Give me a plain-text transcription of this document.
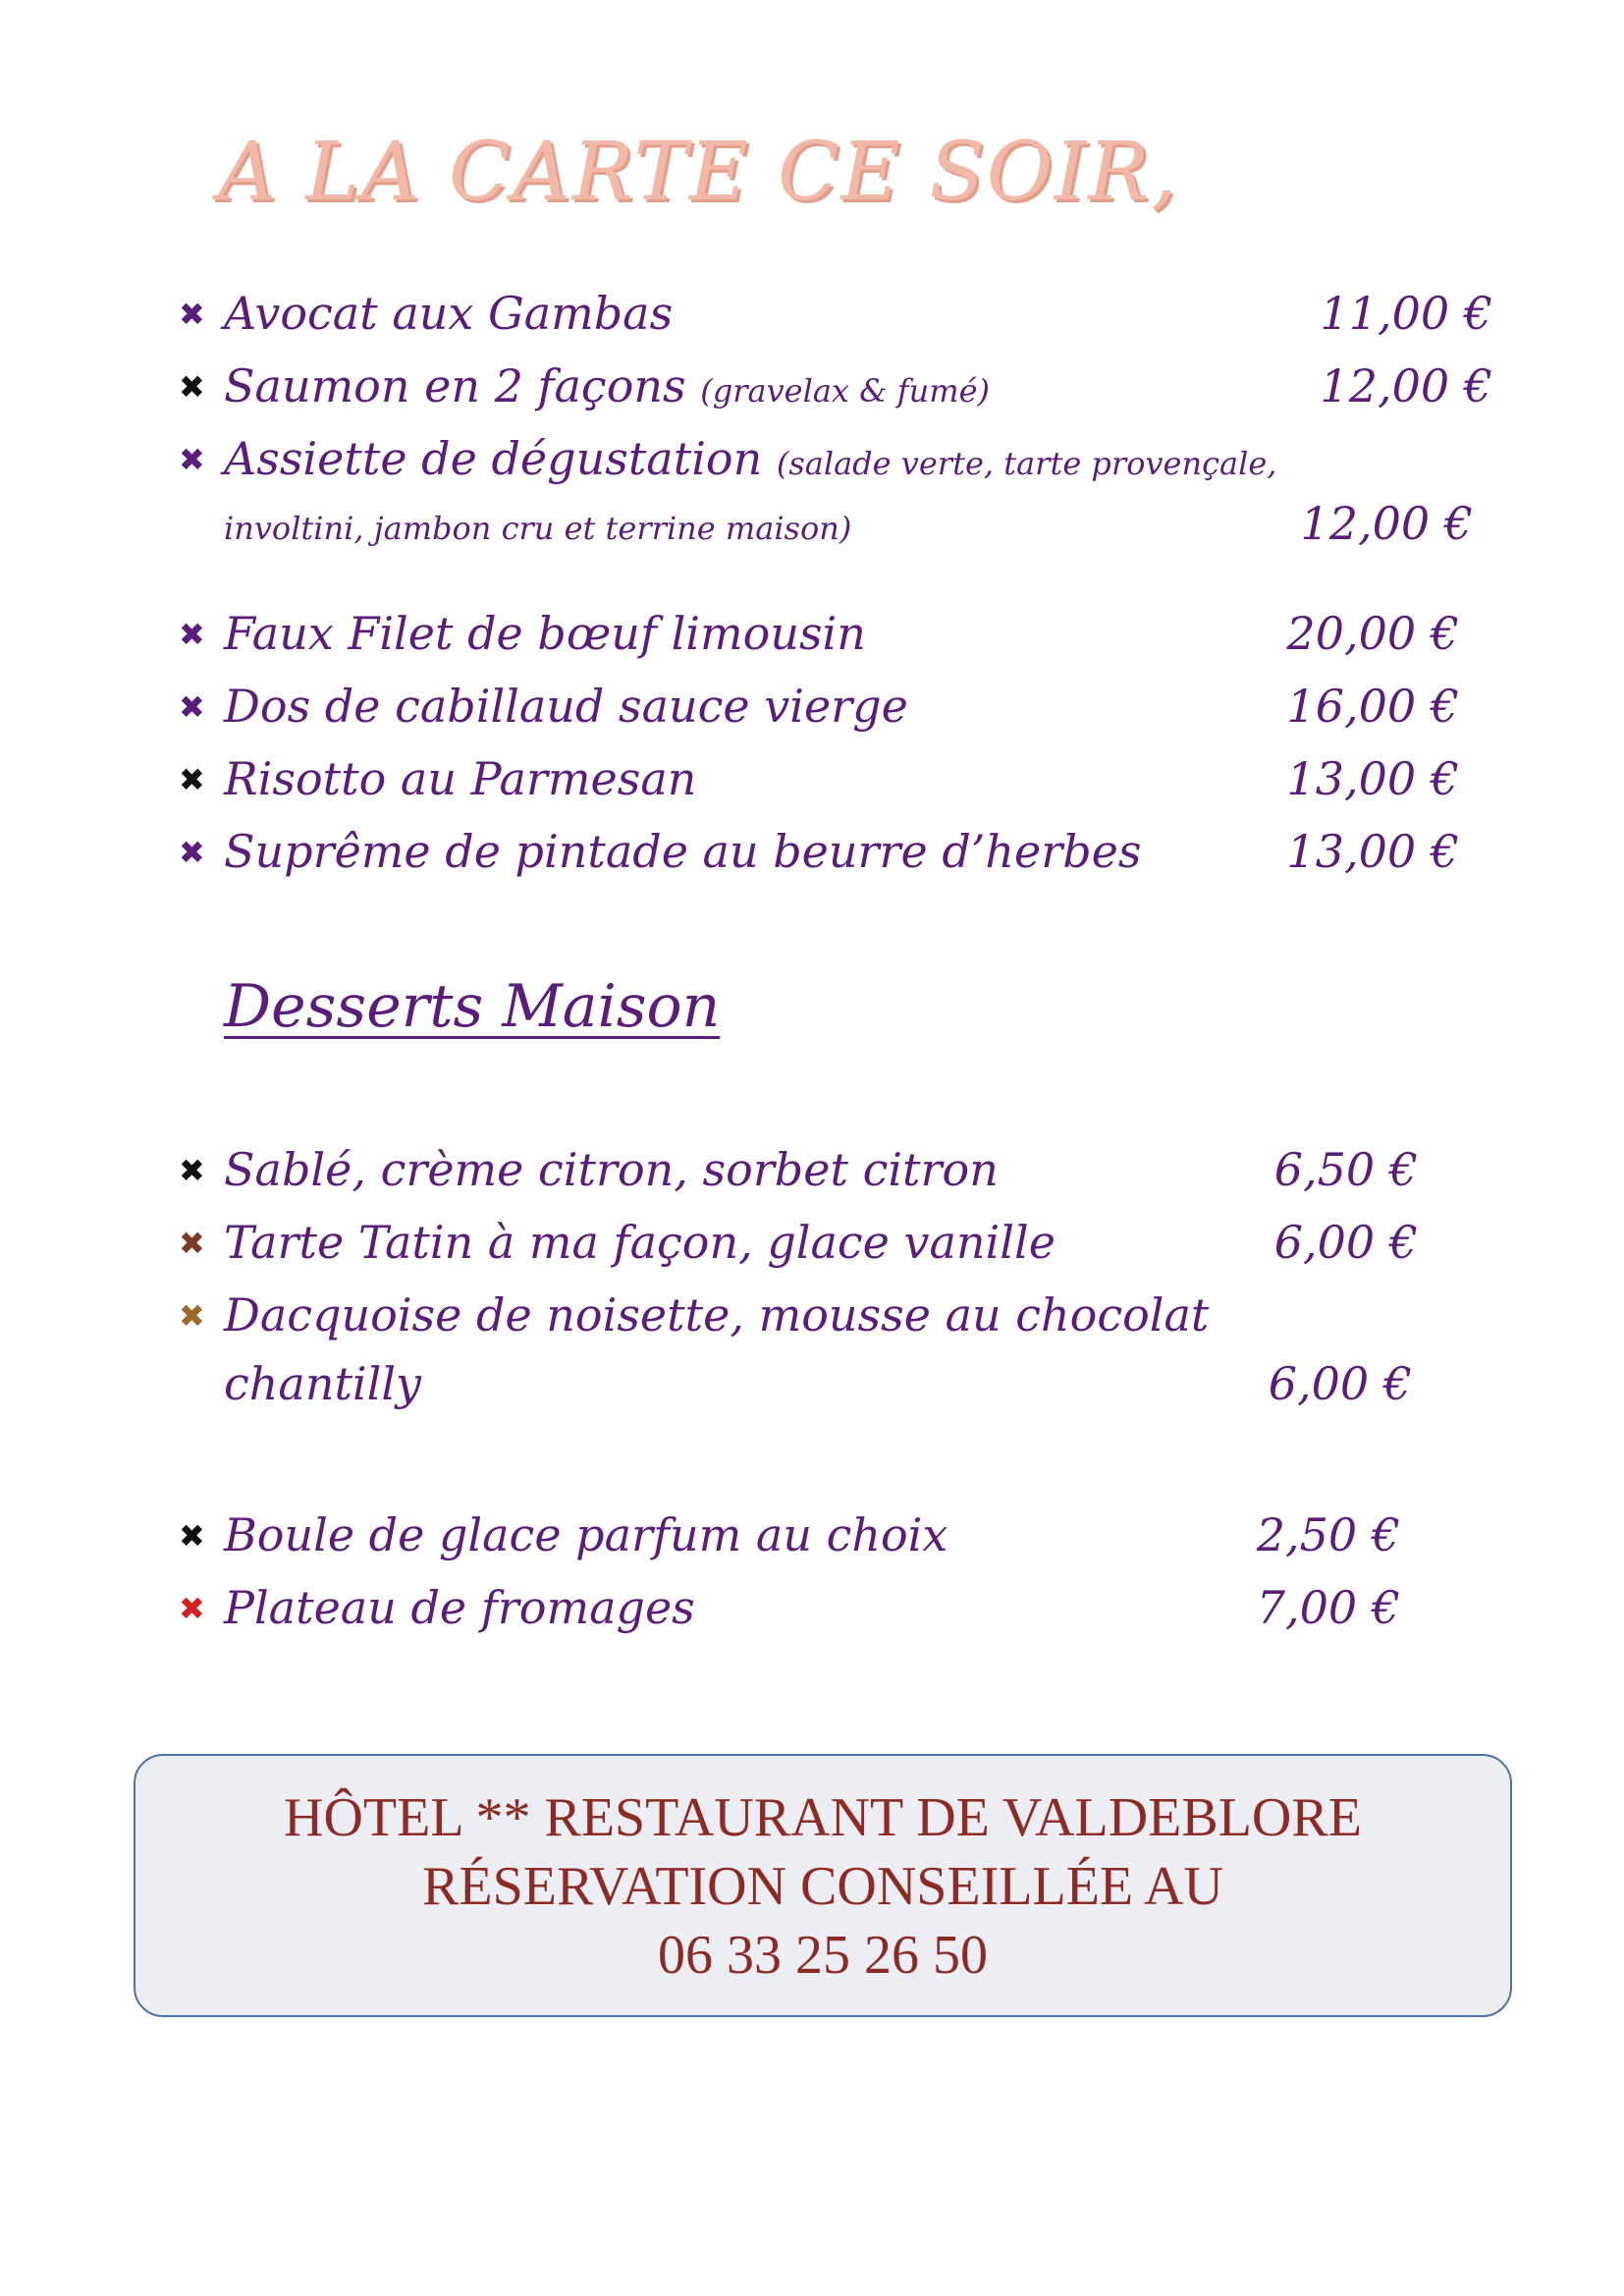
A LA CARTE CE SOIR,
✖ Avocat aux Gambas	11,00 €
✖ Saumon en 2 façons (gravelax & fumé)	12,00 €
✖ Assiette de dégustation (salade verte, tarte provençale,
involtini, jambon cru et terrine maison)	12,00 €
✖ Faux Filet de bœuf limousin	20,00 €
✖ Dos de cabillaud sauce vierge	16,00 €
✖ Risotto au Parmesan	13,00 €
✖ Suprême de pintade au beurre d’herbes	13,00 €
Desserts Maison
✖ Sablé, crème citron, sorbet citron	6,50 €
✖ Tarte Tatin à ma façon, glace vanille	6,00 €
✖ Dacquoise de noisette, mousse au chocolat
chantilly	6,00 €
✖ Boule de glace parfum au choix	2,50 €
✖ Plateau de fromages	7,00 €
HÔTEL ** RESTAURANT DE VALDEBLORE
RÉSERVATION CONSEILLÉE AU
06 33 25 26 50
